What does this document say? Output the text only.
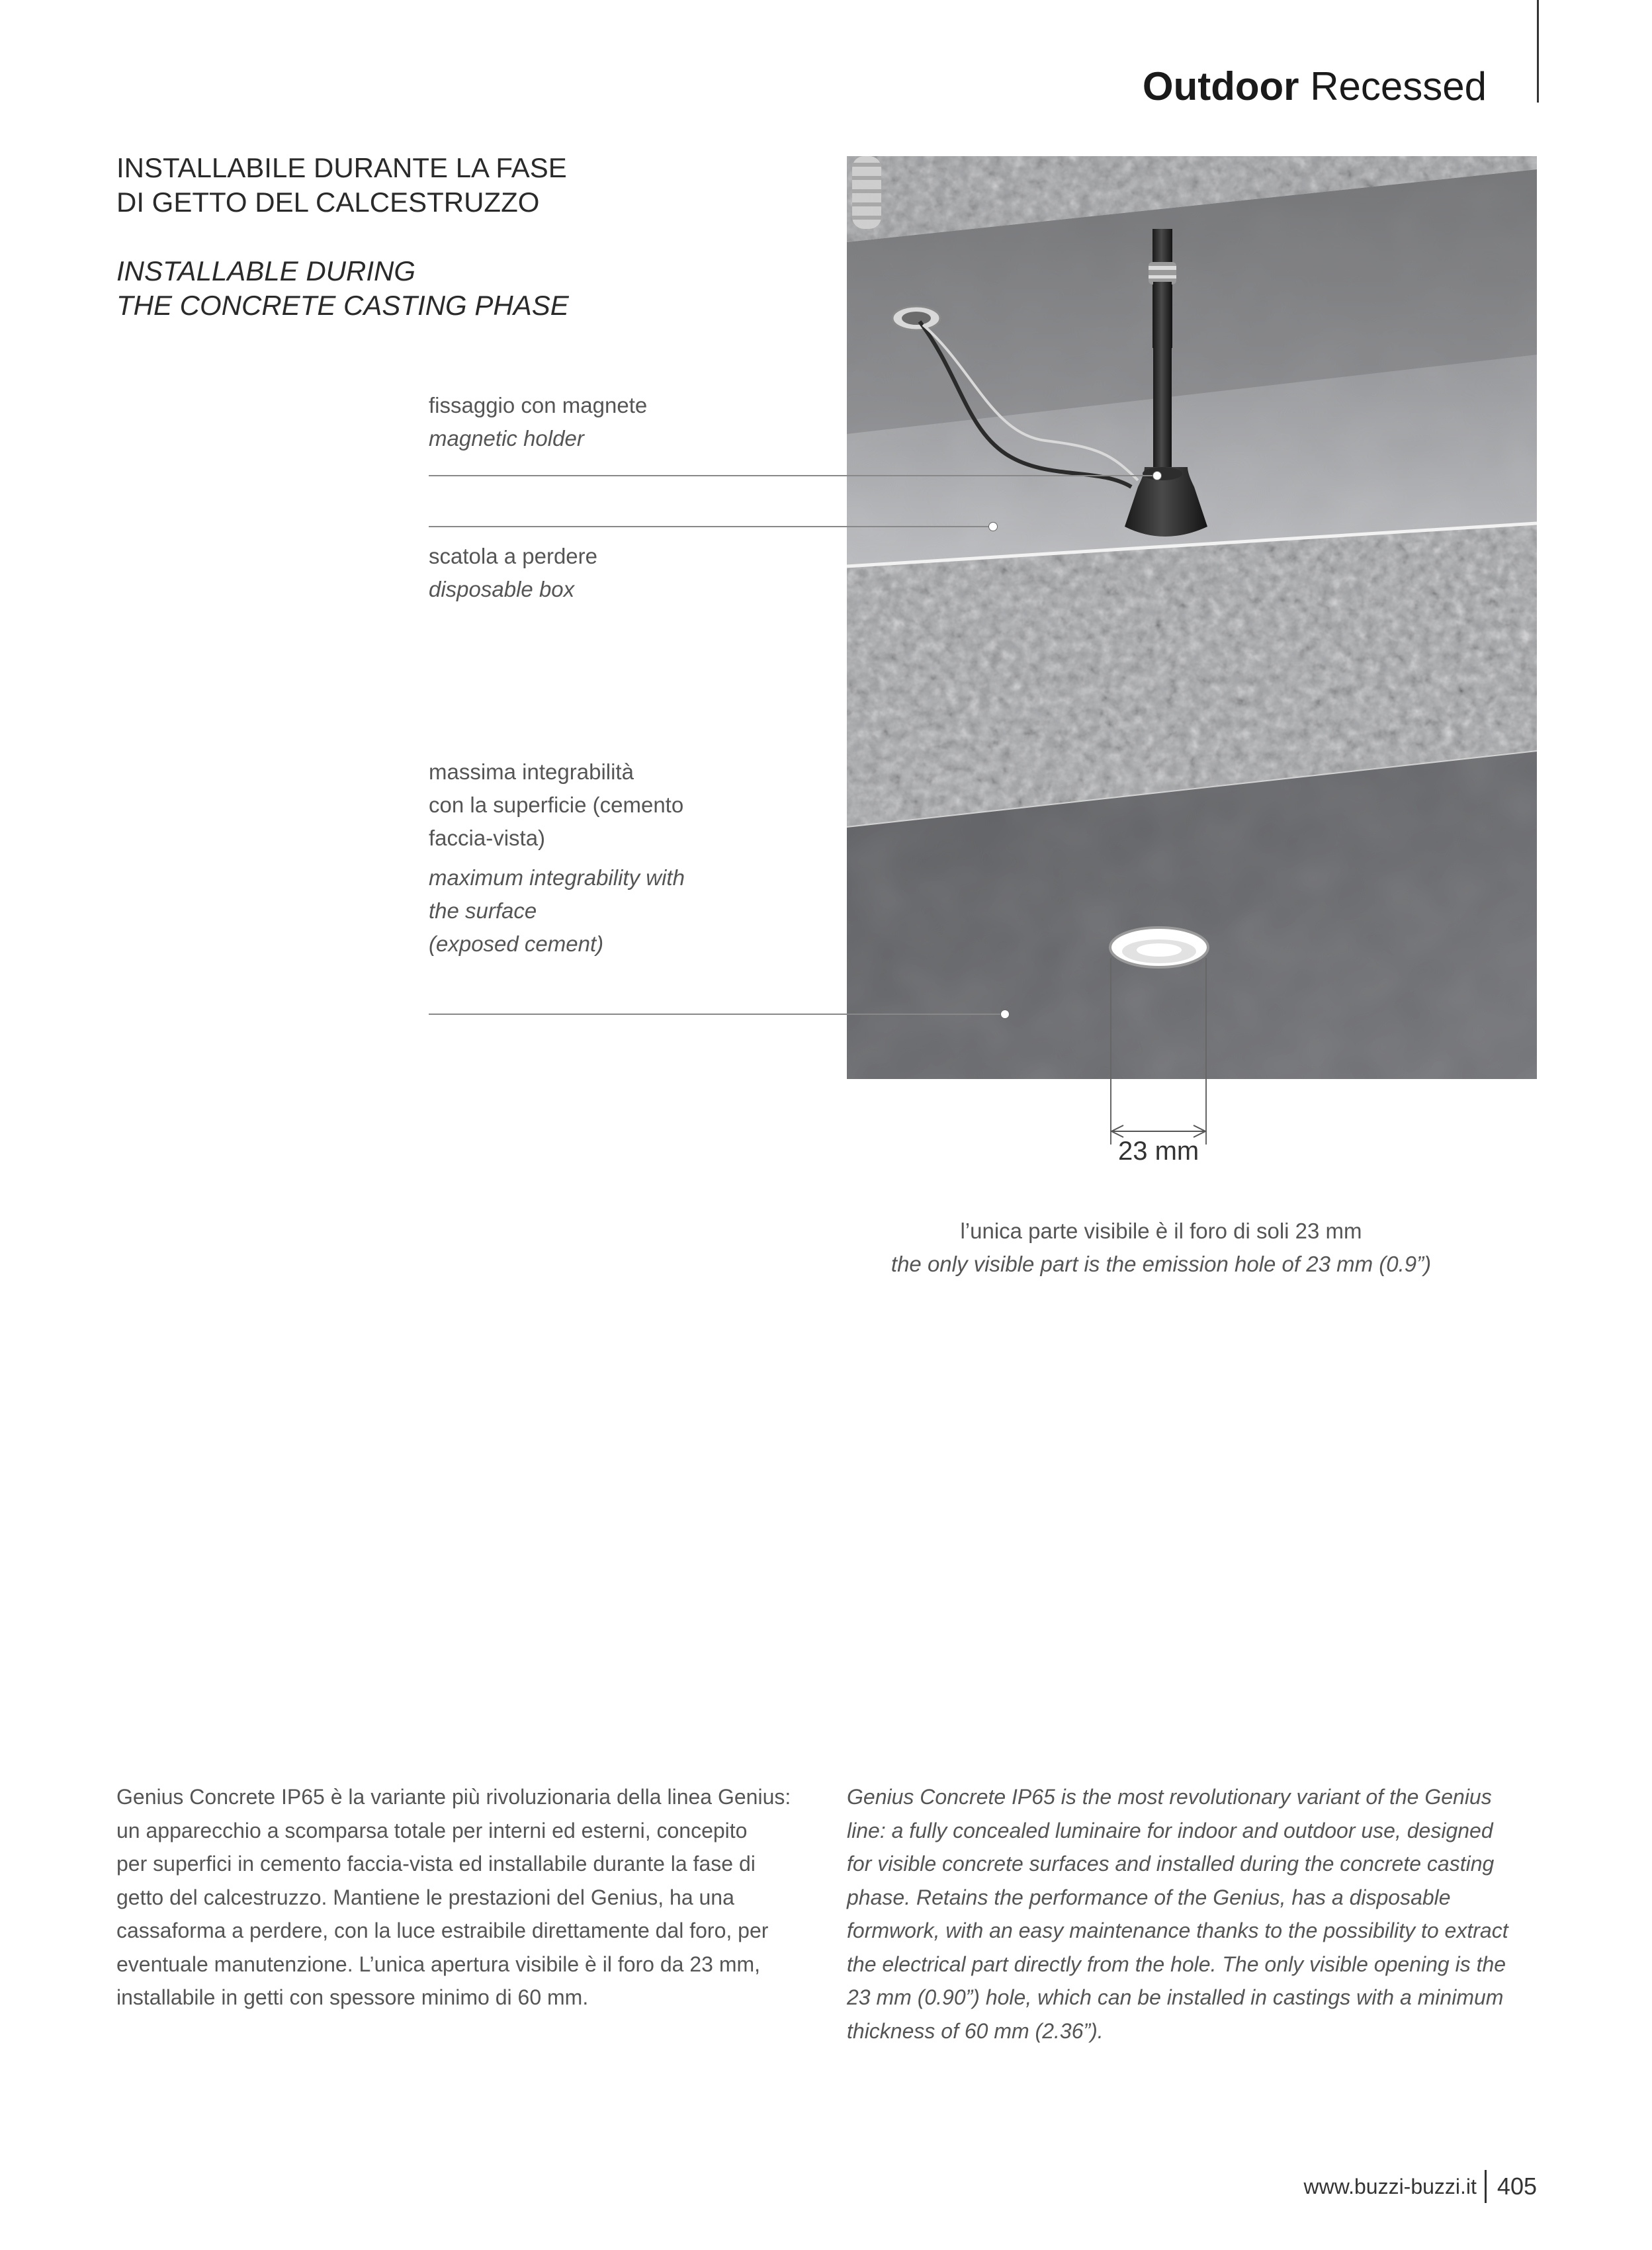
Outdoor Recessed
INSTALLABILE DURANTE LA FASE
DI GETTO DEL CALCESTRUZZO
INSTALLABLE DURING
THE CONCRETE CASTING PHASE
fissaggio con magnete
magnetic holder
scatola a perdere
disposable box
massima integrabilità
con la superficie (cemento
faccia-vista)
maximum integrability with
the surface
(exposed cement)
23 mm
l’unica parte visibile è il foro di soli 23 mm
the only visible part is the emission hole of 23 mm (0.9”)
Genius Concrete IP65 è la variante più rivoluzionaria della linea Genius:
un apparecchio a scomparsa totale per interni ed esterni, concepito
per superfici in cemento faccia-vista ed installabile durante la fase di
getto del calcestruzzo. Mantiene le prestazioni del Genius, ha una
cassaforma a perdere, con la luce estraibile direttamente dal foro, per
eventuale manutenzione. L’unica apertura visibile è il foro da 23 mm,
installabile in getti con spessore minimo di 60 mm.
Genius Concrete IP65 is the most revolutionary variant of the Genius
line: a fully concealed luminaire for indoor and outdoor use, designed
for visible concrete surfaces and installed during the concrete casting
phase. Retains the performance of the Genius, has a disposable
formwork, with an easy maintenance thanks to the possibility to extract
the electrical part directly from the hole. The only visible opening is the
23 mm (0.90”) hole, which can be installed in castings with a minimum
thickness of 60 mm (2.36”).
www.buzzi-buzzi.it 405
